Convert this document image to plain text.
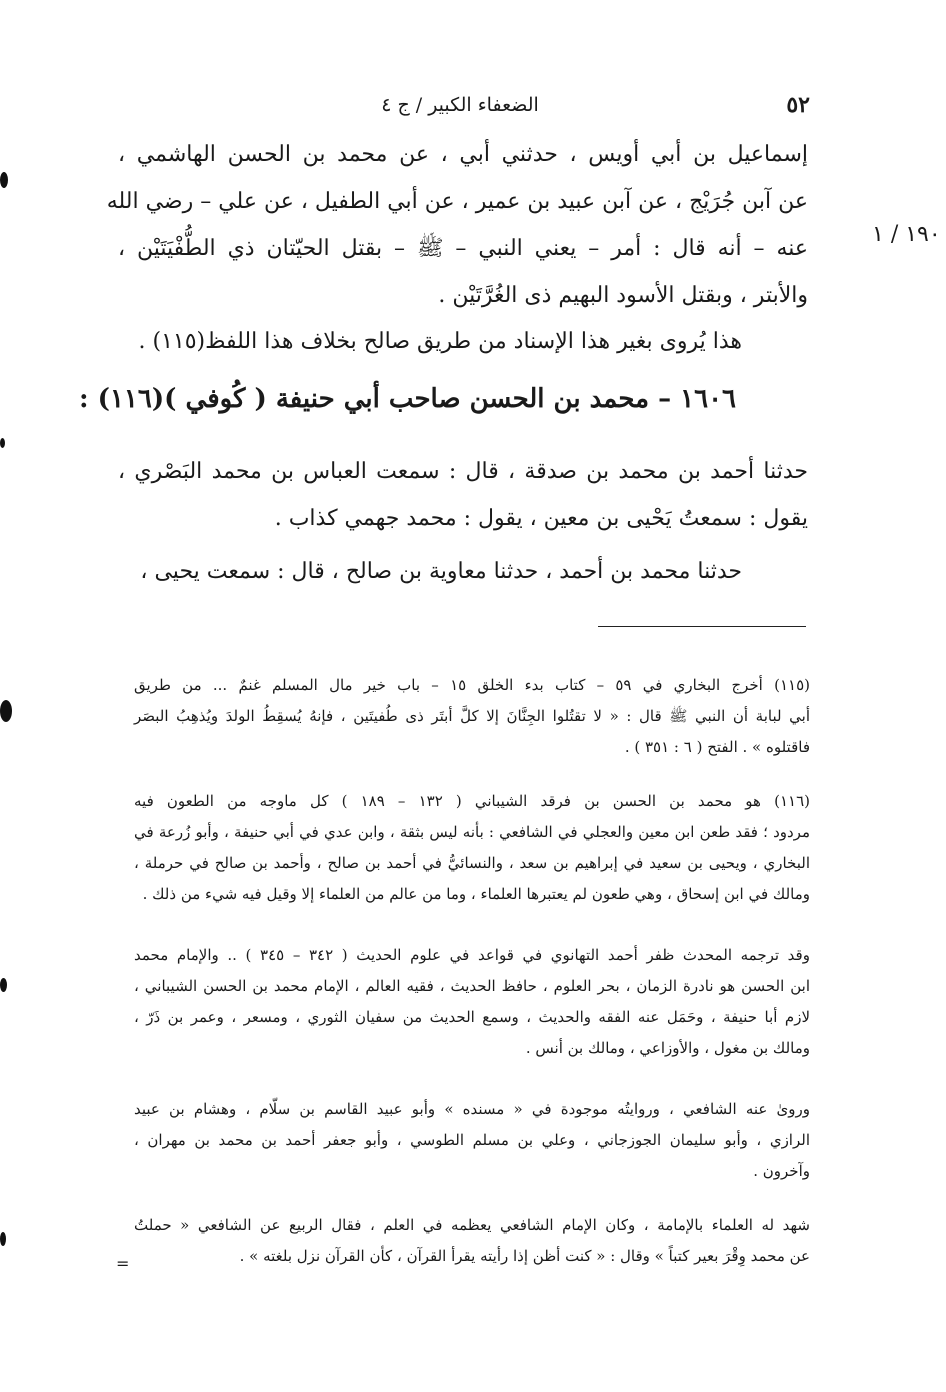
٥٢
الضعفاء الكبير / ج ٤
١٩٠ / ١
إسماعيل بن أبي أويس ، حدثني أبي ، عن محمد بن الحسن الهاشمي ،
عن آبن جُرَيْج ، عن آبن عبيد بن عمير ، عن أبي الطفيل ، عن علي – رضي الله
عنه – أنه قال : أمر – يعني النبي – ﷺ – بقتل الحيّتان ذي الطُّفْيَتَيْن ،
والأبتر ، وبقتل الأسود البهيم ذى الغُرَّتَيْن .
هذا يُروى بغير هذا الإسناد من طريق صالح بخلاف هذا اللفظ(١١٥) .
١٦٠٦ – محمد بن الحسن صاحب أبي حنيفة ( كُوفي )(١١٦) :
حدثنا أحمد بن محمد بن صدقة ، قال : سمعت العباس بن محمد البَصْري ،
يقول : سمعتُ يَحْيى بن معين ، يقول : محمد جهمي كذاب .
حدثنا محمد بن أحمد ، حدثنا معاوية بن صالح ، قال : سمعت يحيى ،
(١١٥) أخرج البخاري في ٥٩ – كتاب بدء الخلق ١٥ – باب خير مال المسلم غنمٌ ... من طريق
أبي لبابة أن النبي ﷺ قال : « لا تقتُلوا الجِنَّانَ إلا كلَّ أبتَر ذى طُفيتَين ، فإنهُ يُسقِطُ الولدَ ويُذهِبُ البصَر
فاقتلوه » . الفتح ( ٦ : ٣٥١ ) .
(١١٦) هو محمد بن الحسن بن فرقد الشيباني ( ١٣٢ – ١٨٩ ) كل ماوجه من الطعون فيه
مردود ؛ فقد طعن ابن معين والعجلي في الشافعي : بأنه ليس بثقة ، وابن عدي في أبي حنيفة ، وأبو زُرعة في
البخاري ، ويحيى بن سعيد في إبراهيم بن سعد ، والنسائيُّ في أحمد بن صالح ، وأحمد بن صالح في حرملة ،
ومالك في ابن إسحاق ، وهي طعون لم يعتبرها العلماء ، وما من عالم من العلماء إلا وقيل فيه شيء من ذلك .
وقد ترجمه المحدث ظفر أحمد التهانوي في قواعد في علوم الحديث ( ٣٤٢ – ٣٤٥ ) .. والإمام محمد
ابن الحسن هو نادرة الزمان ، بحر العلوم ، حافظ الحديث ، فقيه العالم ، الإمام محمد بن الحسن الشيباني ،
لازم أبا حنيفة ، وحَمَل عنه الفقه والحديث ، وسمع الحديث من سفيان الثوري ، ومسعر ، وعمر بن ذَرّ ،
ومالك بن مغول ، والأوزاعي ، ومالك بن أنس .
وروىٰ عنه الشافعي ، وروايتُه موجودة في « مسنده » وأبو عبيد القاسم بن سلّام ، وهشام بن عبيد
الرازي ، وأبو سليمان الجوزجاني ، وعلي بن مسلم الطوسي ، وأبو جعفر أحمد بن محمد بن مهران ،
وآخرون .
شهد له العلماء بالإمامة ، وكان الإمام الشافعي يعظمه في العلم ، فقال الربيع عن الشافعي « حملتُ
عن محمد وِقْرَ بعير كتباً » وقال : « كنت أظن إذا رأيته يقرأ القرآن ، كأن القرآن نزل بلغته » .
=
